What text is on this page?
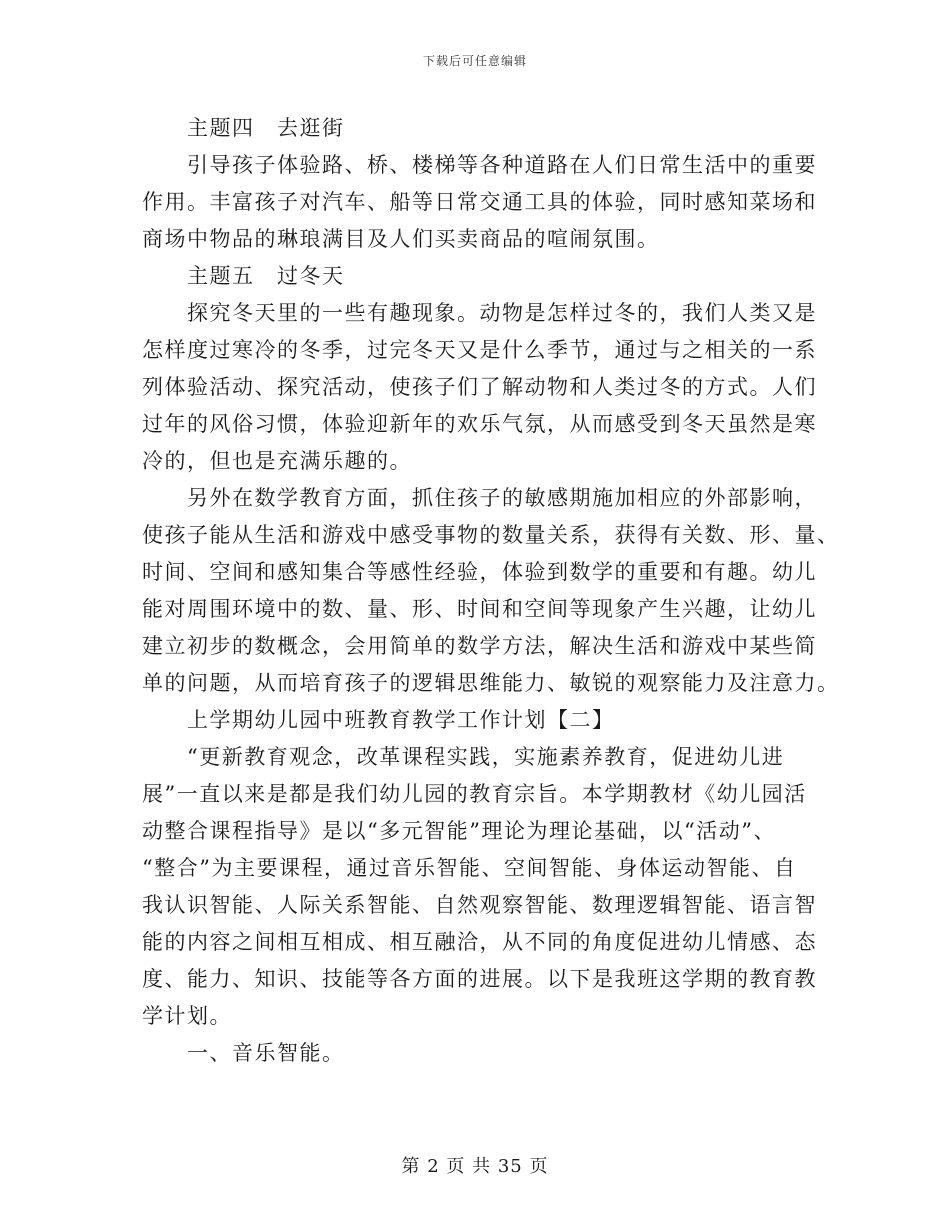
下载后可任意编辑
　　主题四　去逛街
　　引导孩子体验路、桥、楼梯等各种道路在人们日常生活中的重要
作用。丰富孩子对汽车、船等日常交通工具的体验，同时感知菜场和
商场中物品的琳琅满目及人们买卖商品的喧闹氛围。
　　主题五　过冬天
　　探究冬天里的一些有趣现象。动物是怎样过冬的，我们人类又是
怎样度过寒冷的冬季，过完冬天又是什么季节，通过与之相关的一系
列体验活动、探究活动，使孩子们了解动物和人类过冬的方式。人们
过年的风俗习惯，体验迎新年的欢乐气氛，从而感受到冬天虽然是寒
冷的，但也是充满乐趣的。
　　另外在数学教育方面，抓住孩子的敏感期施加相应的外部影响，
使孩子能从生活和游戏中感受事物的数量关系，获得有关数、形、量、
时间、空间和感知集合等感性经验，体验到数学的重要和有趣。幼儿
能对周围环境中的数、量、形、时间和空间等现象产生兴趣，让幼儿
建立初步的数概念，会用简单的数学方法，解决生活和游戏中某些简
单的问题，从而培育孩子的逻辑思维能力、敏锐的观察能力及注意力。
　　上学期幼儿园中班教育教学工作计划【二】
　　“更新教育观念，改革课程实践，实施素养教育，促进幼儿进
展”一直以来是都是我们幼儿园的教育宗旨。本学期教材《幼儿园活
动整合课程指导》是以“多元智能”理论为理论基础，以“活动”、
“整合”为主要课程，通过音乐智能、空间智能、身体运动智能、自
我认识智能、人际关系智能、自然观察智能、数理逻辑智能、语言智
能的内容之间相互相成、相互融洽，从不同的角度促进幼儿情感、态
度、能力、知识、技能等各方面的进展。以下是我班这学期的教育教
学计划。
　　一、音乐智能。
第 2 页 共 35 页
